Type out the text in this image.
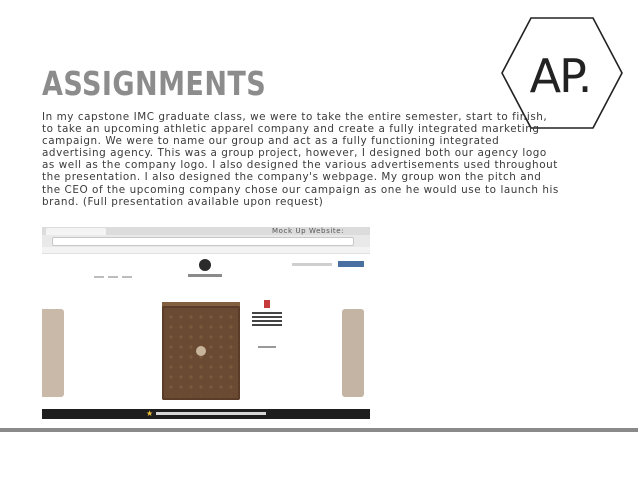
AP.
ASSIGNMENTS
In my capstone IMC graduate class, we were to take the entire semester, start to finish, to take an upcoming athletic apparel company and create a fully integrated marketing campaign. We were to name our group and act as a fully functioning integrated advertising agency. This was a group project, however, I designed both our agency logo as well as the company logo. I also designed the various advertisements used throughout the presentation. I also designed the company's webpage. My group won the pitch and the CEO of the upcoming company chose our campaign as one he would use to launch his brand. (Full presentation available upon request)
Mock Up Website:
★
